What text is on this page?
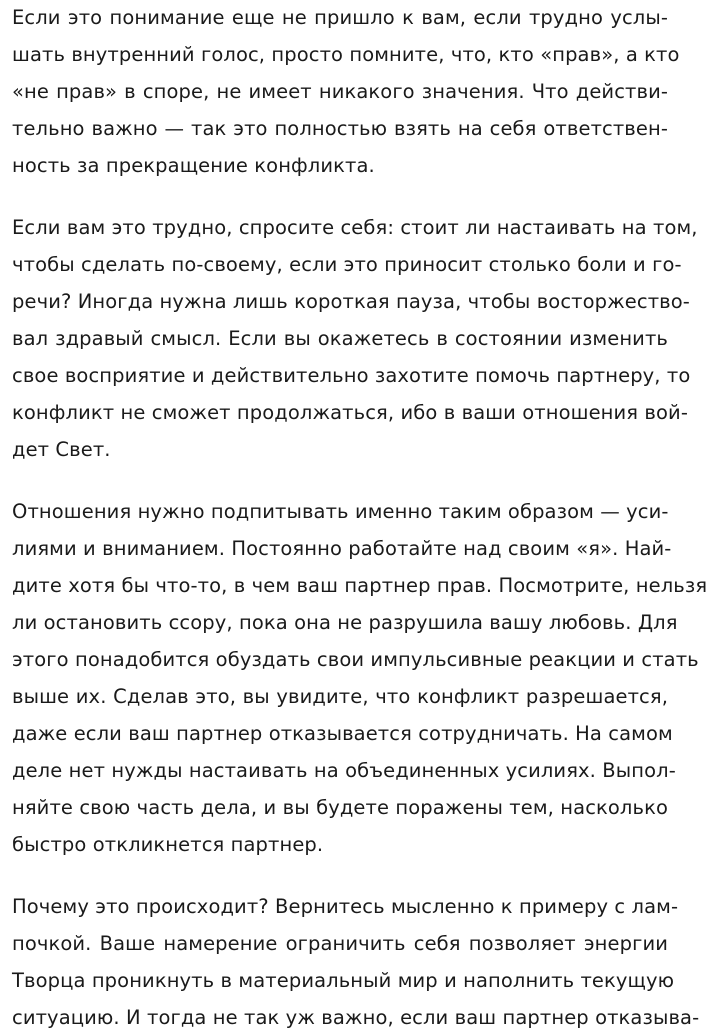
Если это понимание еще не пришло к вам, если трудно услы-
шать внутренний голос, просто помните, что, кто «прав», а кто
«не прав» в споре, не имеет никакого значения. Что действи-
тельно важно — так это полностью взять на себя ответствен-
ность за прекращение конфликта.
Если вам это трудно, спросите себя: стоит ли настаивать на том,
чтобы сделать по-своему, если это приносит столько боли и го-
речи? Иногда нужна лишь короткая пауза, чтобы восторжество-
вал здравый смысл. Если вы окажетесь в состоянии изменить
свое восприятие и действительно захотите помочь партнеру, то
конфликт не сможет продолжаться, ибо в ваши отношения вой-
дет Свет.
Отношения нужно подпитывать именно таким образом — уси-
лиями и вниманием. Постоянно работайте над своим «я». Най-
дите хотя бы что-то, в чем ваш партнер прав. Посмотрите, нельзя
ли остановить ссору, пока она не разрушила вашу любовь. Для
этого понадобится обуздать свои импульсивные реакции и стать
выше их. Сделав это, вы увидите, что конфликт разрешается,
даже если ваш партнер отказывается сотрудничать. На самом
деле нет нужды настаивать на объединенных усилиях. Выпол-
няйте свою часть дела, и вы будете поражены тем, насколько
быстро откликнется партнер.
Почему это происходит? Вернитесь мысленно к примеру с лам-
почкой. Ваше намерение ограничить себя позволяет энергии
Творца проникнуть в материальный мир и наполнить текущую
ситуацию. И тогда не так уж важно, если ваш партнер отказыва-
